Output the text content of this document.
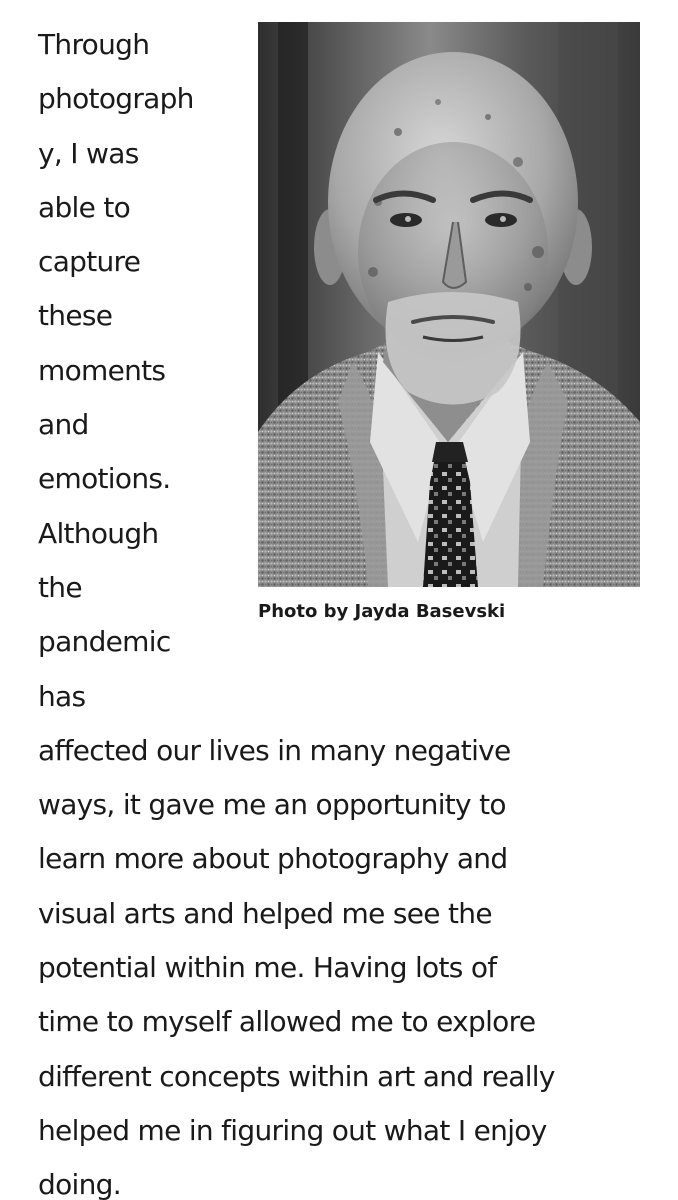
Through
photograph
y, I was
able to
capture
these
moments
and
emotions.
Although
the
pandemic
has
affected our lives in many negative
ways, it gave me an opportunity to
learn more about photography and
visual arts and helped me see the
potential within me. Having lots of
time to myself allowed me to explore
different concepts within art and really
helped me in figuring out what I enjoy
doing.
Photo by Jayda Basevski
